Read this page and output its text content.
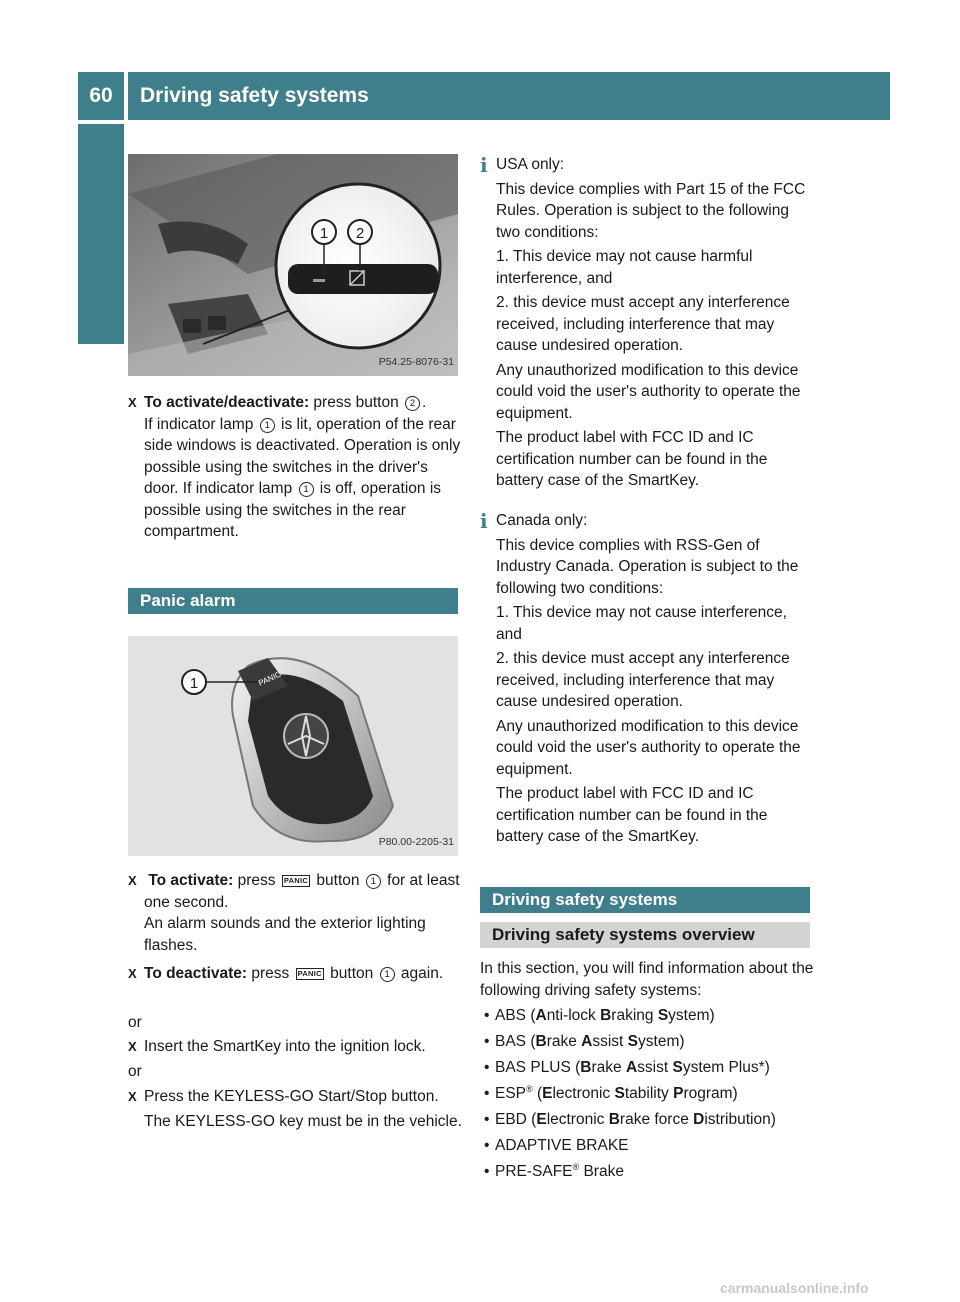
60	Driving safety systems
Safety
1 2
P54.25-8076-31
X To activate/deactivate: press button 2 .
If indicator lamp 1 is lit, operation of the rear side windows is deactivated. Operation is only possible using the switches in the driver's door. If indicator lamp 1 is off, operation is possible using the switches in the rear compartment.
Panic alarm
PANIC
1
P80.00-2205-31
X To activate: press PANIC button 1 for at least one second.
An alarm sounds and the exterior lighting flashes.
X To deactivate: press PANIC button 1 again.
or
X Insert the SmartKey into the ignition lock.
or
X Press the KEYLESS-GO Start/Stop button.
The KEYLESS-GO key must be in the vehicle.
i USA only:
This device complies with Part 15 of the FCC Rules. Operation is subject to the following two conditions:
1. This device may not cause harmful interference, and
2. this device must accept any interference received, including interference that may cause undesired operation.
Any unauthorized modification to this device could void the user's authority to operate the equipment.
The product label with FCC ID and IC certification number can be found in the battery case of the SmartKey.
i Canada only:
This device complies with RSS-Gen of Industry Canada. Operation is subject to the following two conditions:
1. This device may not cause interference, and
2. this device must accept any interference received, including interference that may cause undesired operation.
Any unauthorized modification to this device could void the user's authority to operate the equipment.
The product label with FCC ID and IC certification number can be found in the battery case of the SmartKey.
Driving safety systems
Driving safety systems overview
In this section, you will find information about the following driving safety systems:
• ABS (Anti-lock Braking System)
• BAS (Brake Assist System)
• BAS PLUS (Brake Assist System Plus*)
• ESP® (Electronic Stability Program)
• EBD (Electronic Brake force Distribution)
• ADAPTIVE BRAKE
• PRE-SAFE® Brake
carmanualsonline.info
